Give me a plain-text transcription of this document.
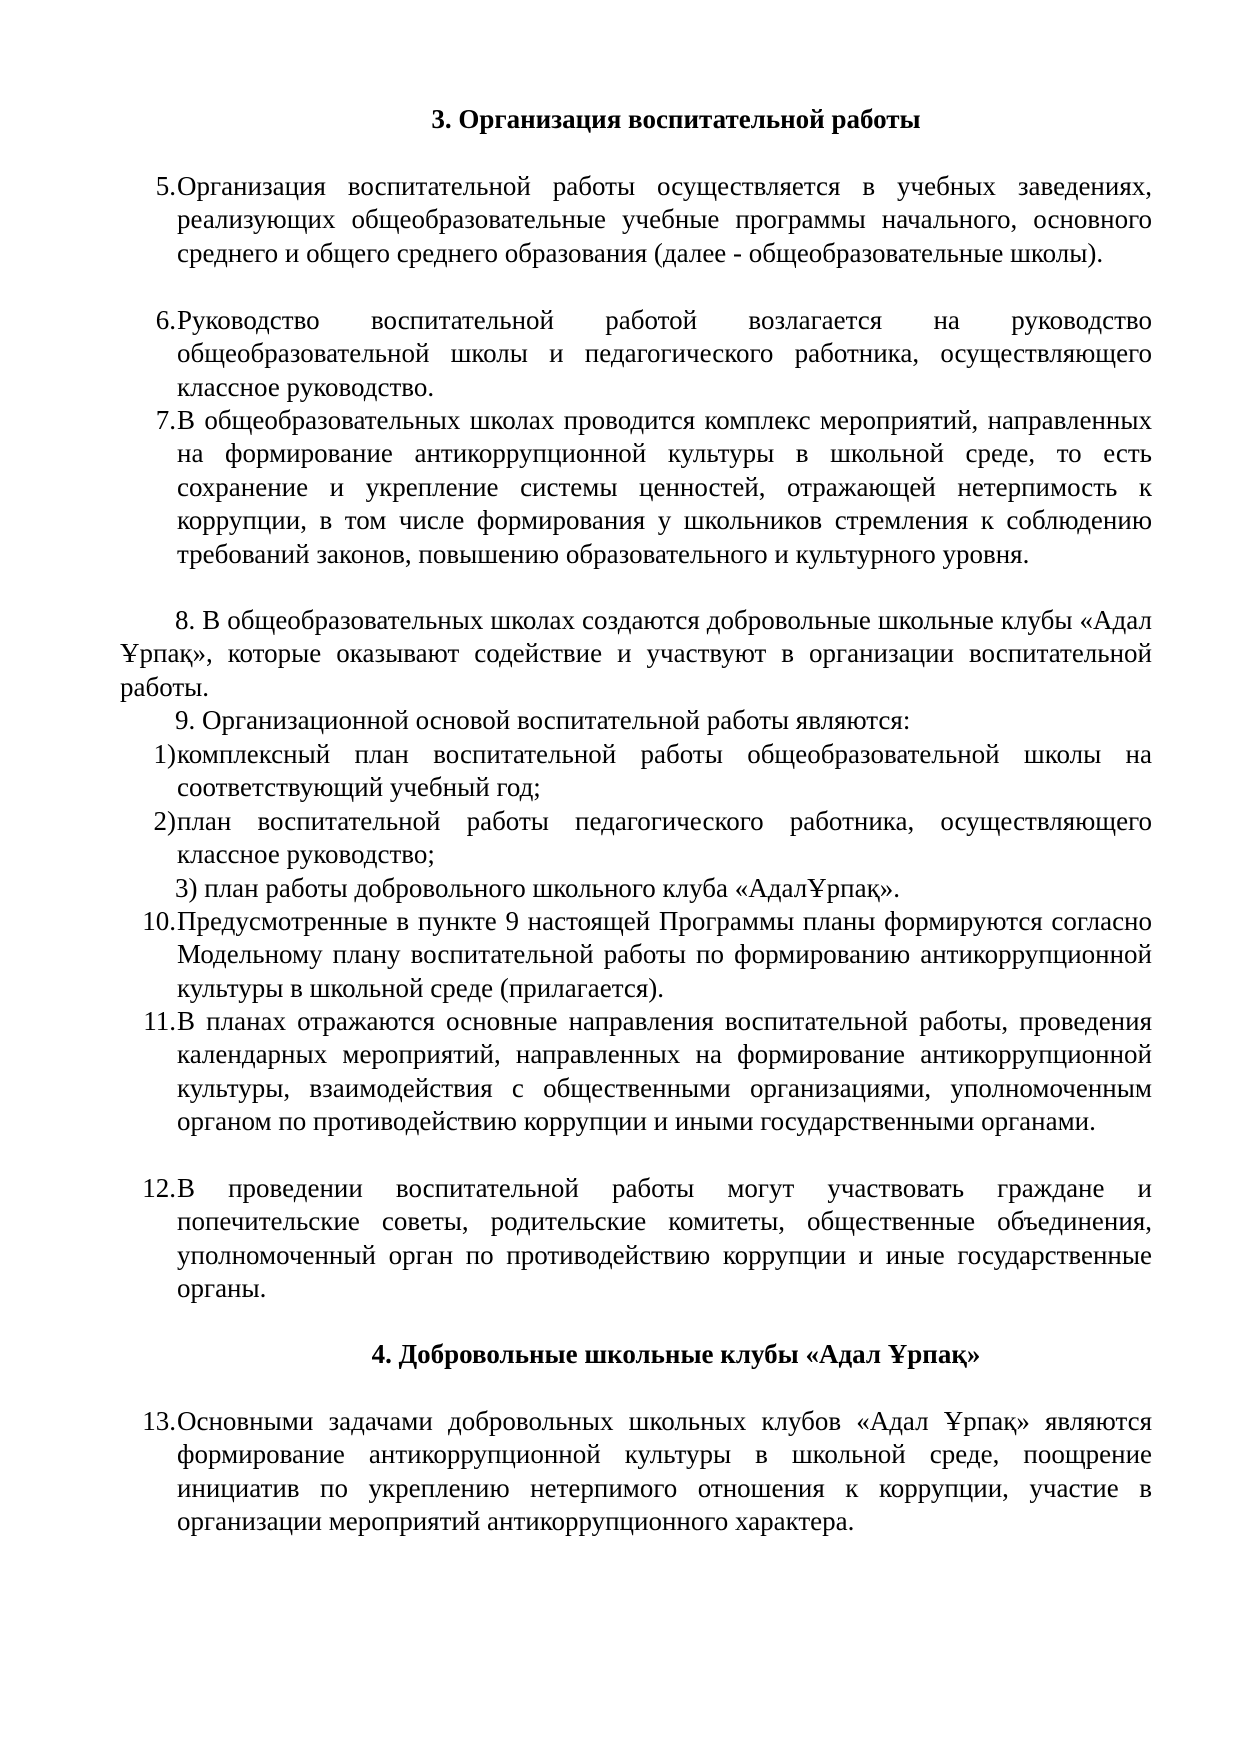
3. Организация воспитательной работы
5. Организация воспитательной работы осуществляется в учебных заведениях, реализующих общеобразовательные учебные программы начального, основного среднего и общего среднего образования (далее - общеобразовательные школы).
6. Руководство воспитательной работой возлагается на руководство общеобразовательной школы и педагогического работника, осуществляющего классное руководство.
7. В общеобразовательных школах проводится комплекс мероприятий, направленных на формирование антикоррупционной культуры в школьной среде, то есть сохранение и укрепление системы ценностей, отражающей нетерпимость к коррупции, в том числе формирования у школьников стремления к соблюдению требований законов, повышению образовательного и культурного уровня.

8. В общеобразовательных школах создаются добровольные школьные клубы «Адал Ұрпақ», которые оказывают содействие и участвуют в организации воспитательной работы.

9. Организационной основой воспитательной работы являются:

1) комплексный план воспитательной работы общеобразовательной школы на соответствующий учебный год;
2) план воспитательной работы педагогического работника, осуществляющего классное руководство;

3) план работы добровольного школьного клуба «АдалҰрпақ».

10. Предусмотренные в пункте 9 настоящей Программы планы формируются согласно Модельному плану воспитательной работы по формированию антикоррупционной культуры в школьной среде (прилагается).
11. В планах отражаются основные направления воспитательной работы, проведения календарных мероприятий, направленных на формирование антикоррупционной культуры, взаимодействия с общественными организациями, уполномоченным органом по противодействию коррупции и иными государственными органами.
12. В проведении воспитательной работы могут участвовать граждане и попечительские советы, родительские комитеты, общественные объединения, уполномоченный орган по противодействию коррупции и иные государственные органы.
4. Добровольные школьные клубы «Адал Ұрпақ»
13. Основными задачами добровольных школьных клубов «Адал Ұрпақ» являются формирование антикоррупционной культуры в школьной среде, поощрение инициатив по укреплению нетерпимого отношения к коррупции, участие в организации мероприятий антикоррупционного характера.
